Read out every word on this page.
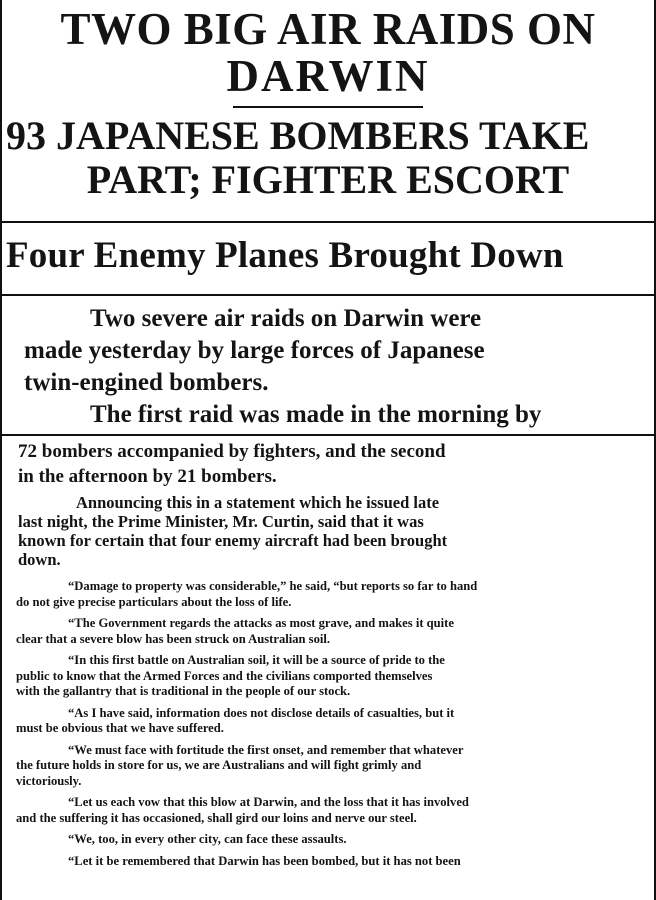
TWO BIG AIR RAIDS ON
DARWIN
93 JAPANESE BOMBERS TAKE
PART; FIGHTER ESCORT
Four Enemy Planes Brought Down

Two severe air raids on Darwin were
made yesterday by large forces of Japanese
twin-engined bombers.
The first raid was made in the morning by

72 bombers accompanied by fighters, and the second
in the afternoon by 21 bombers.

Announcing this in a statement which he issued late
last night, the Prime Minister, Mr. Curtin, said that it was
known for certain that four enemy aircraft had been brought
down.

“Damage to property was considerable,” he said, “but reports so far to hand
do not give precise particulars about the loss of life.

“The Government regards the attacks as most grave, and makes it quite
clear that a severe blow has been struck on Australian soil.

“In this first battle on Australian soil, it will be a source of pride to the
public to know that the Armed Forces and the civilians comported themselves
with the gallantry that is traditional in the people of our stock.

“As I have said, information does not disclose details of casualties, but it
must be obvious that we have suffered.

“We must face with fortitude the first onset, and remember that whatever
the future holds in store for us, we are Australians and will fight grimly and
victoriously.

“Let us each vow that this blow at Darwin, and the loss that it has involved
and the suffering it has occasioned, shall gird our loins and nerve our steel.

“We, too, in every other city, can face these assaults.

“Let it be remembered that Darwin has been bombed, but it has not been
